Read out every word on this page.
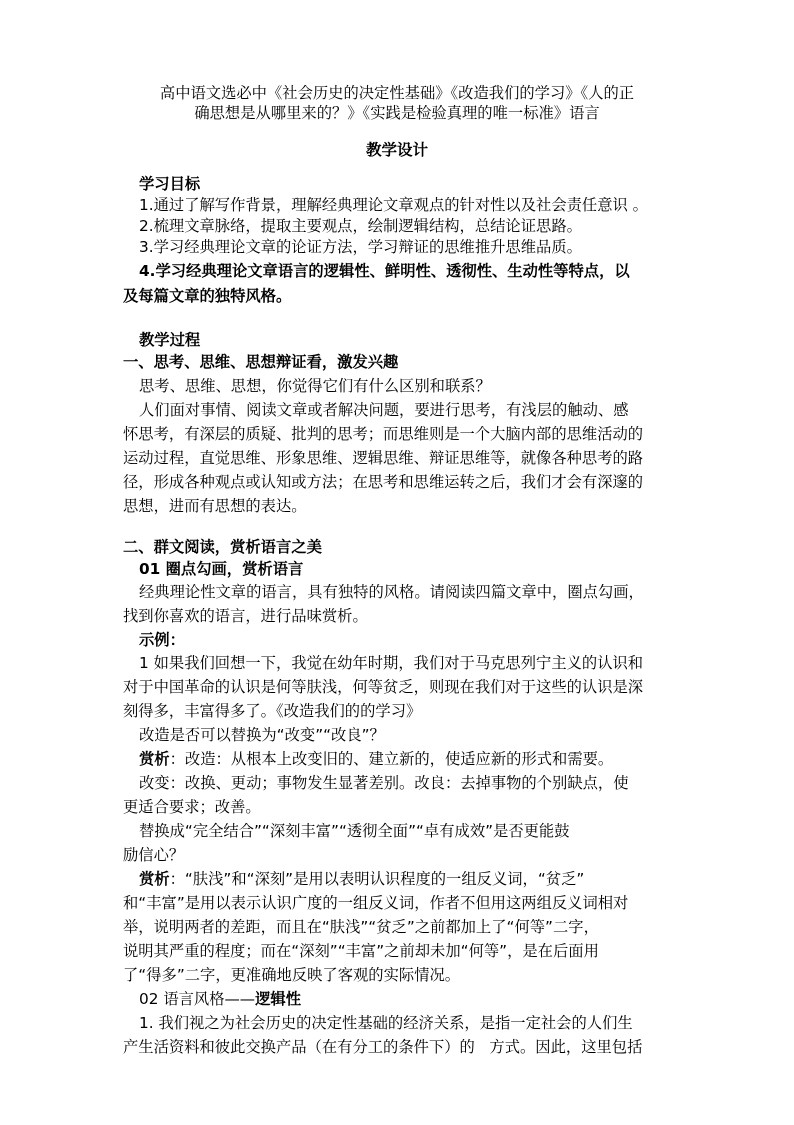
高中语文选必中《社会历史的决定性基础》《改造我们的学习》《人的正
确思想是从哪里来的？》《实践是检验真理的唯一标准》语言
教学设计
学习目标
1.通过了解写作背景，理解经典理论文章观点的针对性以及社会责任意识 。
2.梳理文章脉络，提取主要观点，绘制逻辑结构，总结论证思路。
3.学习经典理论文章的论证方法，学习辩证的思维推升思维品质。
4.学习经典理论文章语言的逻辑性、鲜明性、透彻性、生动性等特点，以
及每篇文章的独特风格。
教学过程
一、思考、思维、思想辩证看，激发兴趣
思考、思维、思想，你觉得它们有什么区别和联系？
人们面对事情、阅读文章或者解决问题，要进行思考，有浅层的触动、感
怀思考，有深层的质疑、批判的思考；而思维则是一个大脑内部的思维活动的
运动过程，直觉思维、形象思维、逻辑思维、辩证思维等，就像各种思考的路
径，形成各种观点或认知或方法；在思考和思维运转之后，我们才会有深邃的
思想，进而有思想的表达。
二、群文阅读，赏析语言之美
01 圈点勾画，赏析语言
经典理论性文章的语言，具有独特的风格。请阅读四篇文章中，圈点勾画，
找到你喜欢的语言，进行品味赏析。
示例：
1 如果我们回想一下，我觉在幼年时期，我们对于马克思列宁主义的认识和
对于中国革命的认识是何等肤浅，何等贫乏，则现在我们对于这些的认识是深
刻得多，丰富得多了。《改造我们的的学习》
改造是否可以替换为“改变”“改良”？
赏析：改造：从根本上改变旧的、建立新的，使适应新的形式和需要。
改变：改换、更动；事物发生显著差别。改良：去掉事物的个别缺点，使
更适合要求；改善。
替换成“完全结合”“深刻丰富”“透彻全面”“卓有成效”是否更能鼓
励信心？
赏析：“肤浅”和“深刻”是用以表明认识程度的一组反义词，“贫乏”
和“丰富”是用以表示认识广度的一组反义词，作者不但用这两组反义词相对
举，说明两者的差距，而且在“肤浅”“贫乏”之前都加上了“何等”二字，
说明其严重的程度；而在“深刻”“丰富”之前却未加“何等”，是在后面用
了“得多”二字，更准确地反映了客观的实际情况。
02 语言风格——逻辑性
1. 我们视之为社会历史的决定性基础的经济关系，是指一定社会的人们生
产生活资料和彼此交换产品（在有分工的条件下）的   方式。因此，这里包括
